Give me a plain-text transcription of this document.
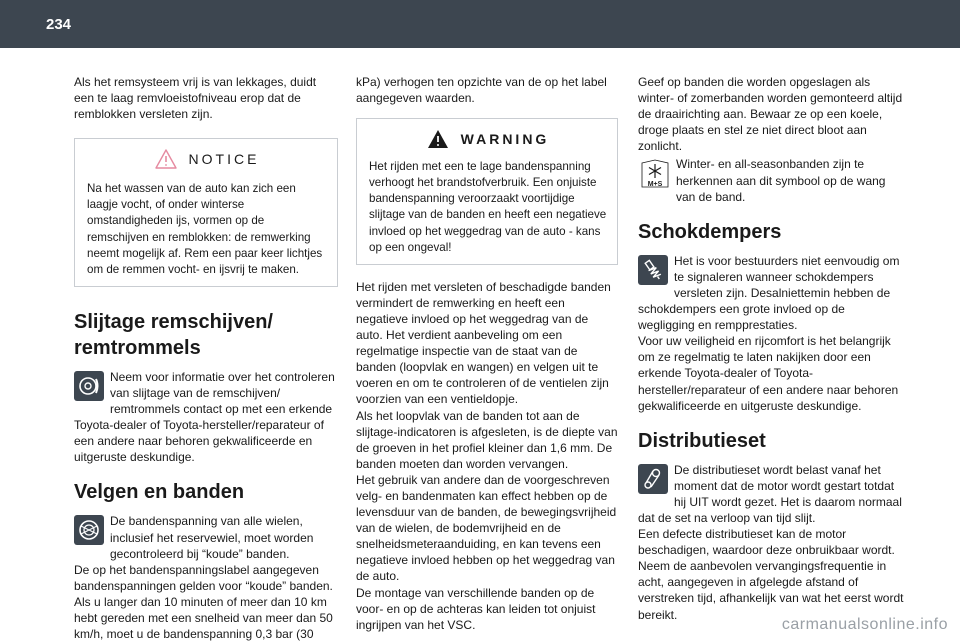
234

Als het remsysteem vrij is van lekkages, duidt een te laag remvloeistofniveau erop dat de remblokken versleten zijn.

NOTICE

Na het wassen van de auto kan zich een laagje vocht, of onder winterse omstandigheden ijs, vormen op de remschijven en remblokken: de remwerking neemt mogelijk af. Rem een paar keer lichtjes om de remmen vocht- en ijsvrij te maken.

Slijtage remschijven/ remtrommels

Neem voor informatie over het controleren van slijtage van de remschijven/ remtrommels contact op met een erkende Toyota-dealer of Toyota-hersteller/reparateur of een andere naar behoren gekwalificeerde en uitgeruste deskundige.

Velgen en banden

De bandenspanning van alle wielen, inclusief het reservewiel, moet worden gecontroleerd bij “koude” banden.

De op het bandenspanningslabel aangegeven bandenspanningen gelden voor “koude” banden. Als u langer dan 10 minuten of meer dan 10 km hebt gereden met een snelheid van meer dan 50 km/h, moet u de bandenspanning 0,3 bar (30

kPa) verhogen ten opzichte van de op het label aangegeven waarden.

WARNING

Het rijden met een te lage bandenspanning verhoogt het brandstofverbruik. Een onjuiste bandenspanning veroorzaakt voortijdige slijtage van de banden en heeft een negatieve invloed op het weggedrag van de auto - kans op een ongeval!

Het rijden met versleten of beschadigde banden vermindert de remwerking en heeft een negatieve invloed op het weggedrag van de auto. Het verdient aanbeveling om een regelmatige inspectie van de staat van de banden (loopvlak en wangen) en velgen uit te voeren en om te controleren of de ventielen zijn voorzien van een ventieldopje.

Als het loopvlak van de banden tot aan de slijtage-indicatoren is afgesleten, is de diepte van de groeven in het profiel kleiner dan 1,6 mm. De banden moeten dan worden vervangen.

Het gebruik van andere dan de voorgeschreven velg- en bandenmaten kan effect hebben op de levensduur van de banden, de bewegingsvrijheid van de wielen, de bodemvrijheid en de snelheidsmeteraanduiding, en kan tevens een negatieve invloed hebben op het weggedrag van de auto.

De montage van verschillende banden op de voor- en op de achteras kan leiden tot onjuist ingrijpen van het VSC.

Geef op banden die worden opgeslagen als winter- of zomerbanden worden gemonteerd altijd de draairichting aan. Bewaar ze op een koele, droge plaats en stel ze niet direct bloot aan zonlicht.

M+S

Winter- en all-seasonbanden zijn te herkennen aan dit symbool op de wang van de band.

Schokdempers

Het is voor bestuurders niet eenvoudig om te signaleren wanneer schokdempers versleten zijn. Desalniettemin hebben de schokdempers een grote invloed op de wegligging en rempprestaties.

Voor uw veiligheid en rijcomfort is het belangrijk om ze regelmatig te laten nakijken door een erkende Toyota-dealer of Toyota-hersteller/reparateur of een andere naar behoren gekwalificeerde en uitgeruste deskundige.

Distributieset

De distributieset wordt belast vanaf het moment dat de motor wordt gestart totdat hij UIT wordt gezet. Het is daarom normaal dat de set na verloop van tijd slijt.

Een defecte distributieset kan de motor beschadigen, waardoor deze onbruikbaar wordt.

Neem de aanbevolen vervangingsfrequentie in acht, aangegeven in afgelegde afstand of verstreken tijd, afhankelijk van wat het eerst wordt bereikt.

carmanualsonline.info
